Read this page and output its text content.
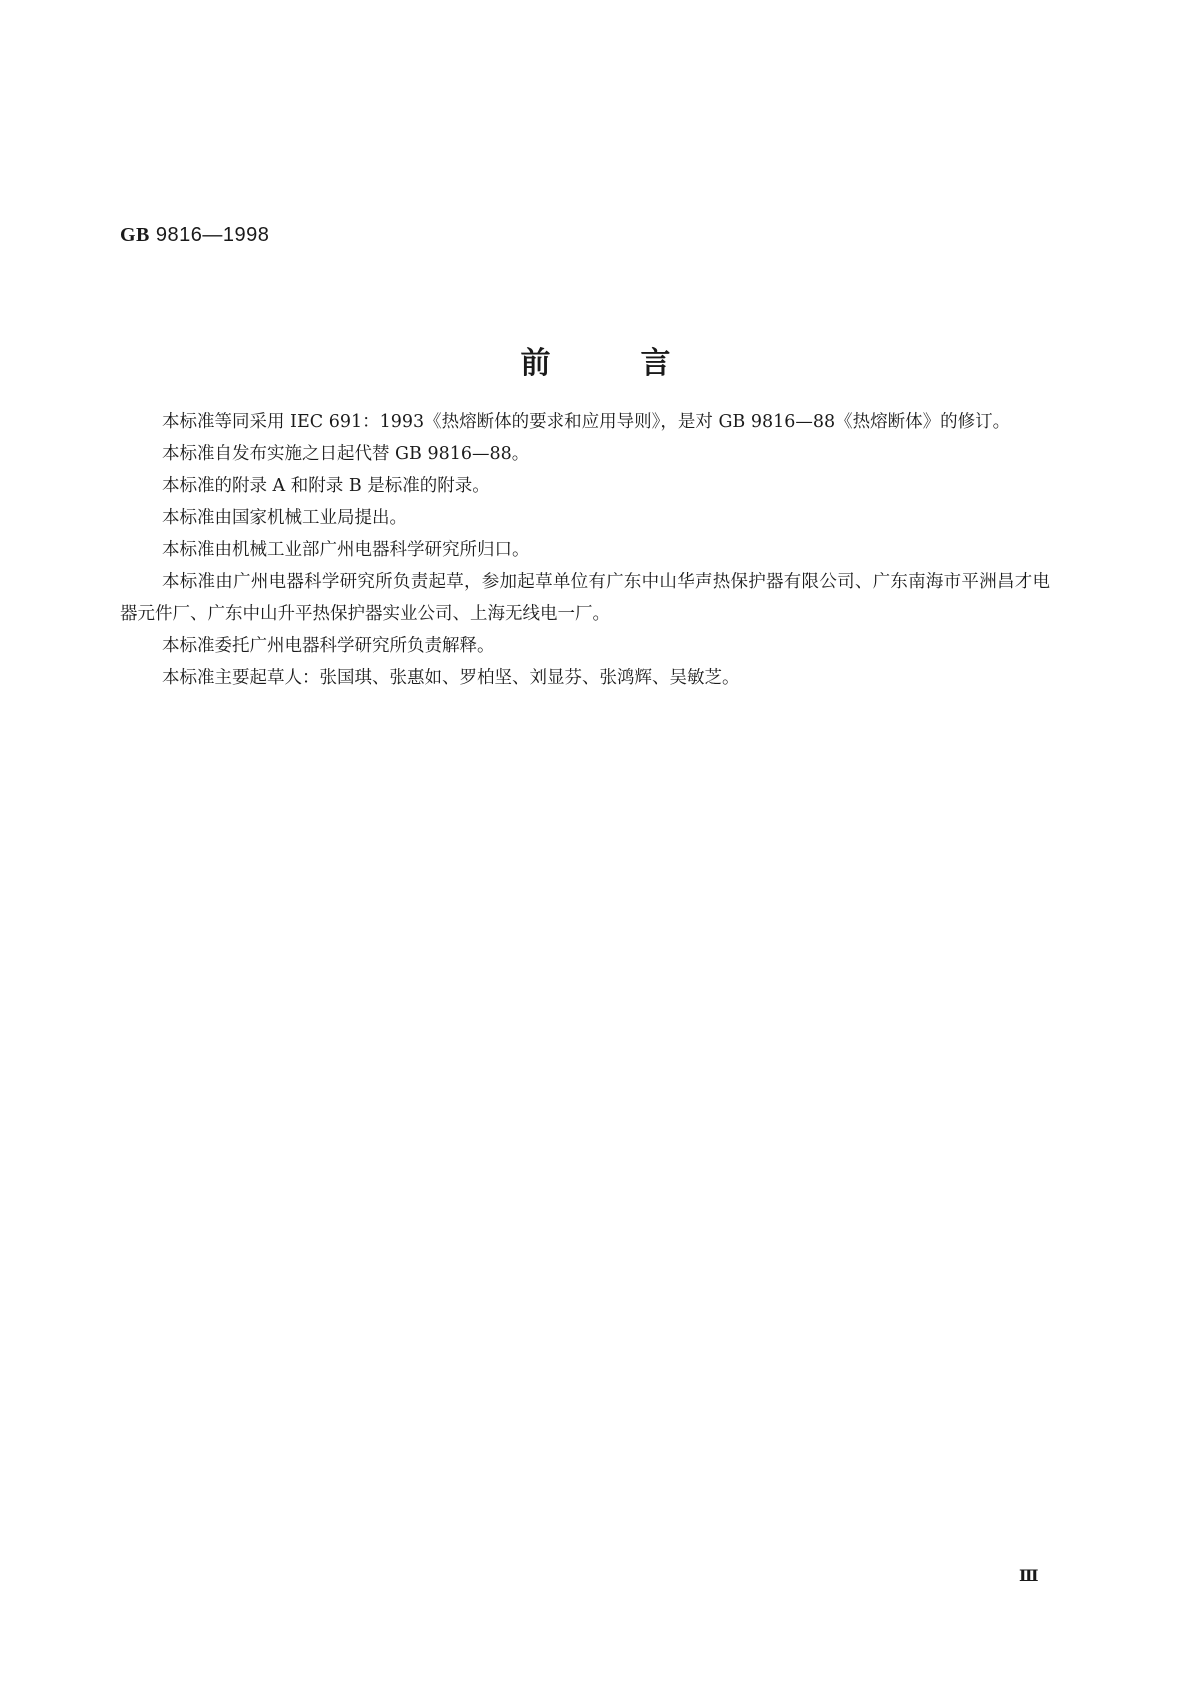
GB 9816—1998
前言

本标准等同采用 IEC 691：1993《热熔断体的要求和应用导则》，是对 GB 9816—88《热熔断体》的修订。

本标准自发布实施之日起代替 GB 9816—88。

本标准的附录 A 和附录 B 是标准的附录。

本标准由国家机械工业局提出。

本标准由机械工业部广州电器科学研究所归口。

本标准由广州电器科学研究所负责起草，参加起草单位有广东中山华声热保护器有限公司、广东南海市平洲昌才电器元件厂、广东中山升平热保护器实业公司、上海无线电一厂。

本标准委托广州电器科学研究所负责解释。

本标准主要起草人：张国琪、张惠如、罗柏坚、刘显芬、张鸿辉、吴敏芝。

Ⅲ
